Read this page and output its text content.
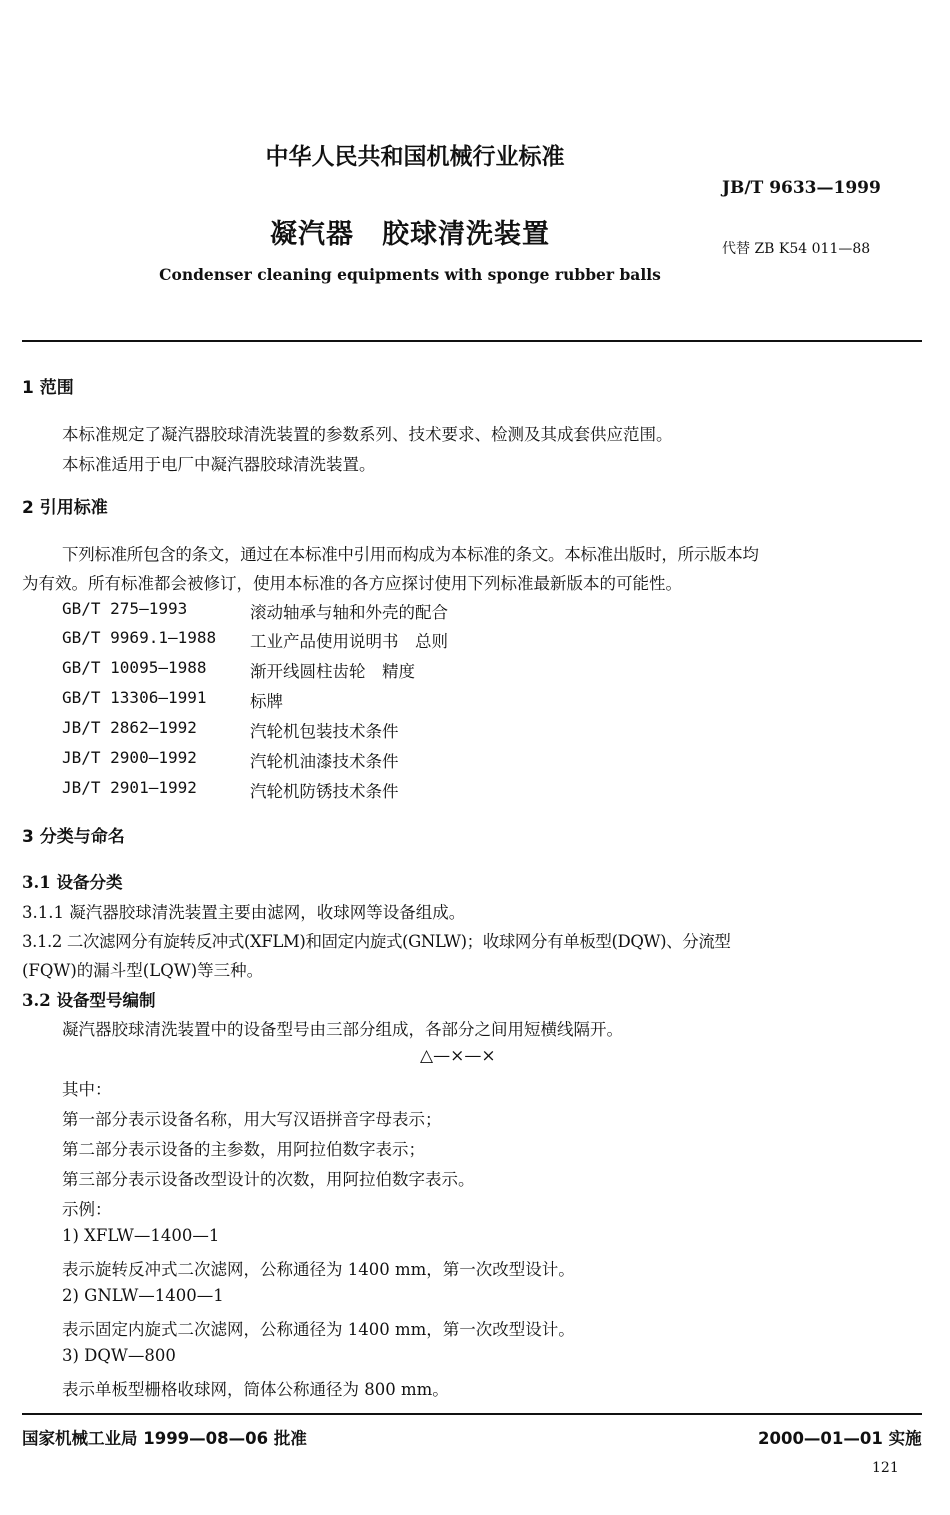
中华人民共和国机械行业标准
JB/T 9633—1999
凝汽器 胶球清洗装置	代替 ZB K54 011—88
Condenser cleaning equipments with sponge rubber balls
1 范围
本标准规定了凝汽器胶球清洗装置的参数系列、技术要求、检测及其成套供应范围。
本标准适用于电厂中凝汽器胶球清洗装置。
2 引用标准
下列标准所包含的条文，通过在本标准中引用而构成为本标准的条文。本标准出版时，所示版本均
为有效。所有标准都会被修订，使用本标准的各方应探讨使用下列标准最新版本的可能性。
GB/T 275—1993	滚动轴承与轴和外壳的配合
GB/T 9969.1—1988 工业产品使用说明书　总则
GB/T 10095—1988	渐开线圆柱齿轮　精度
GB/T 13306—1991	标牌
JB/T 2862—1992	汽轮机包装技术条件
JB/T 2900—1992	汽轮机油漆技术条件
JB/T 2901—1992	汽轮机防锈技术条件
3 分类与命名
3.1 设备分类
3.1.1 凝汽器胶球清洗装置主要由滤网，收球网等设备组成。
3.1.2 二次滤网分有旋转反冲式(XFLM)和固定内旋式(GNLW)；收球网分有单板型(DQW)、分流型
(FQW)的漏斗型(LQW)等三种。
3.2 设备型号编制
凝汽器胶球清洗装置中的设备型号由三部分组成，各部分之间用短横线隔开。
△—×—×
其中：
第一部分表示设备名称，用大写汉语拼音字母表示；
第二部分表示设备的主参数，用阿拉伯数字表示；
第三部分表示设备改型设计的次数，用阿拉伯数字表示。
示例：
1) XFLW—1400—1
表示旋转反冲式二次滤网，公称通径为 1400 mm，第一次改型设计。
2) GNLW—1400—1
表示固定内旋式二次滤网，公称通径为 1400 mm，第一次改型设计。
3) DQW—800
表示单板型栅格收球网，筒体公称通径为 800 mm。
国家机械工业局 1999—08—06 批准	2000—01—01 实施
121
